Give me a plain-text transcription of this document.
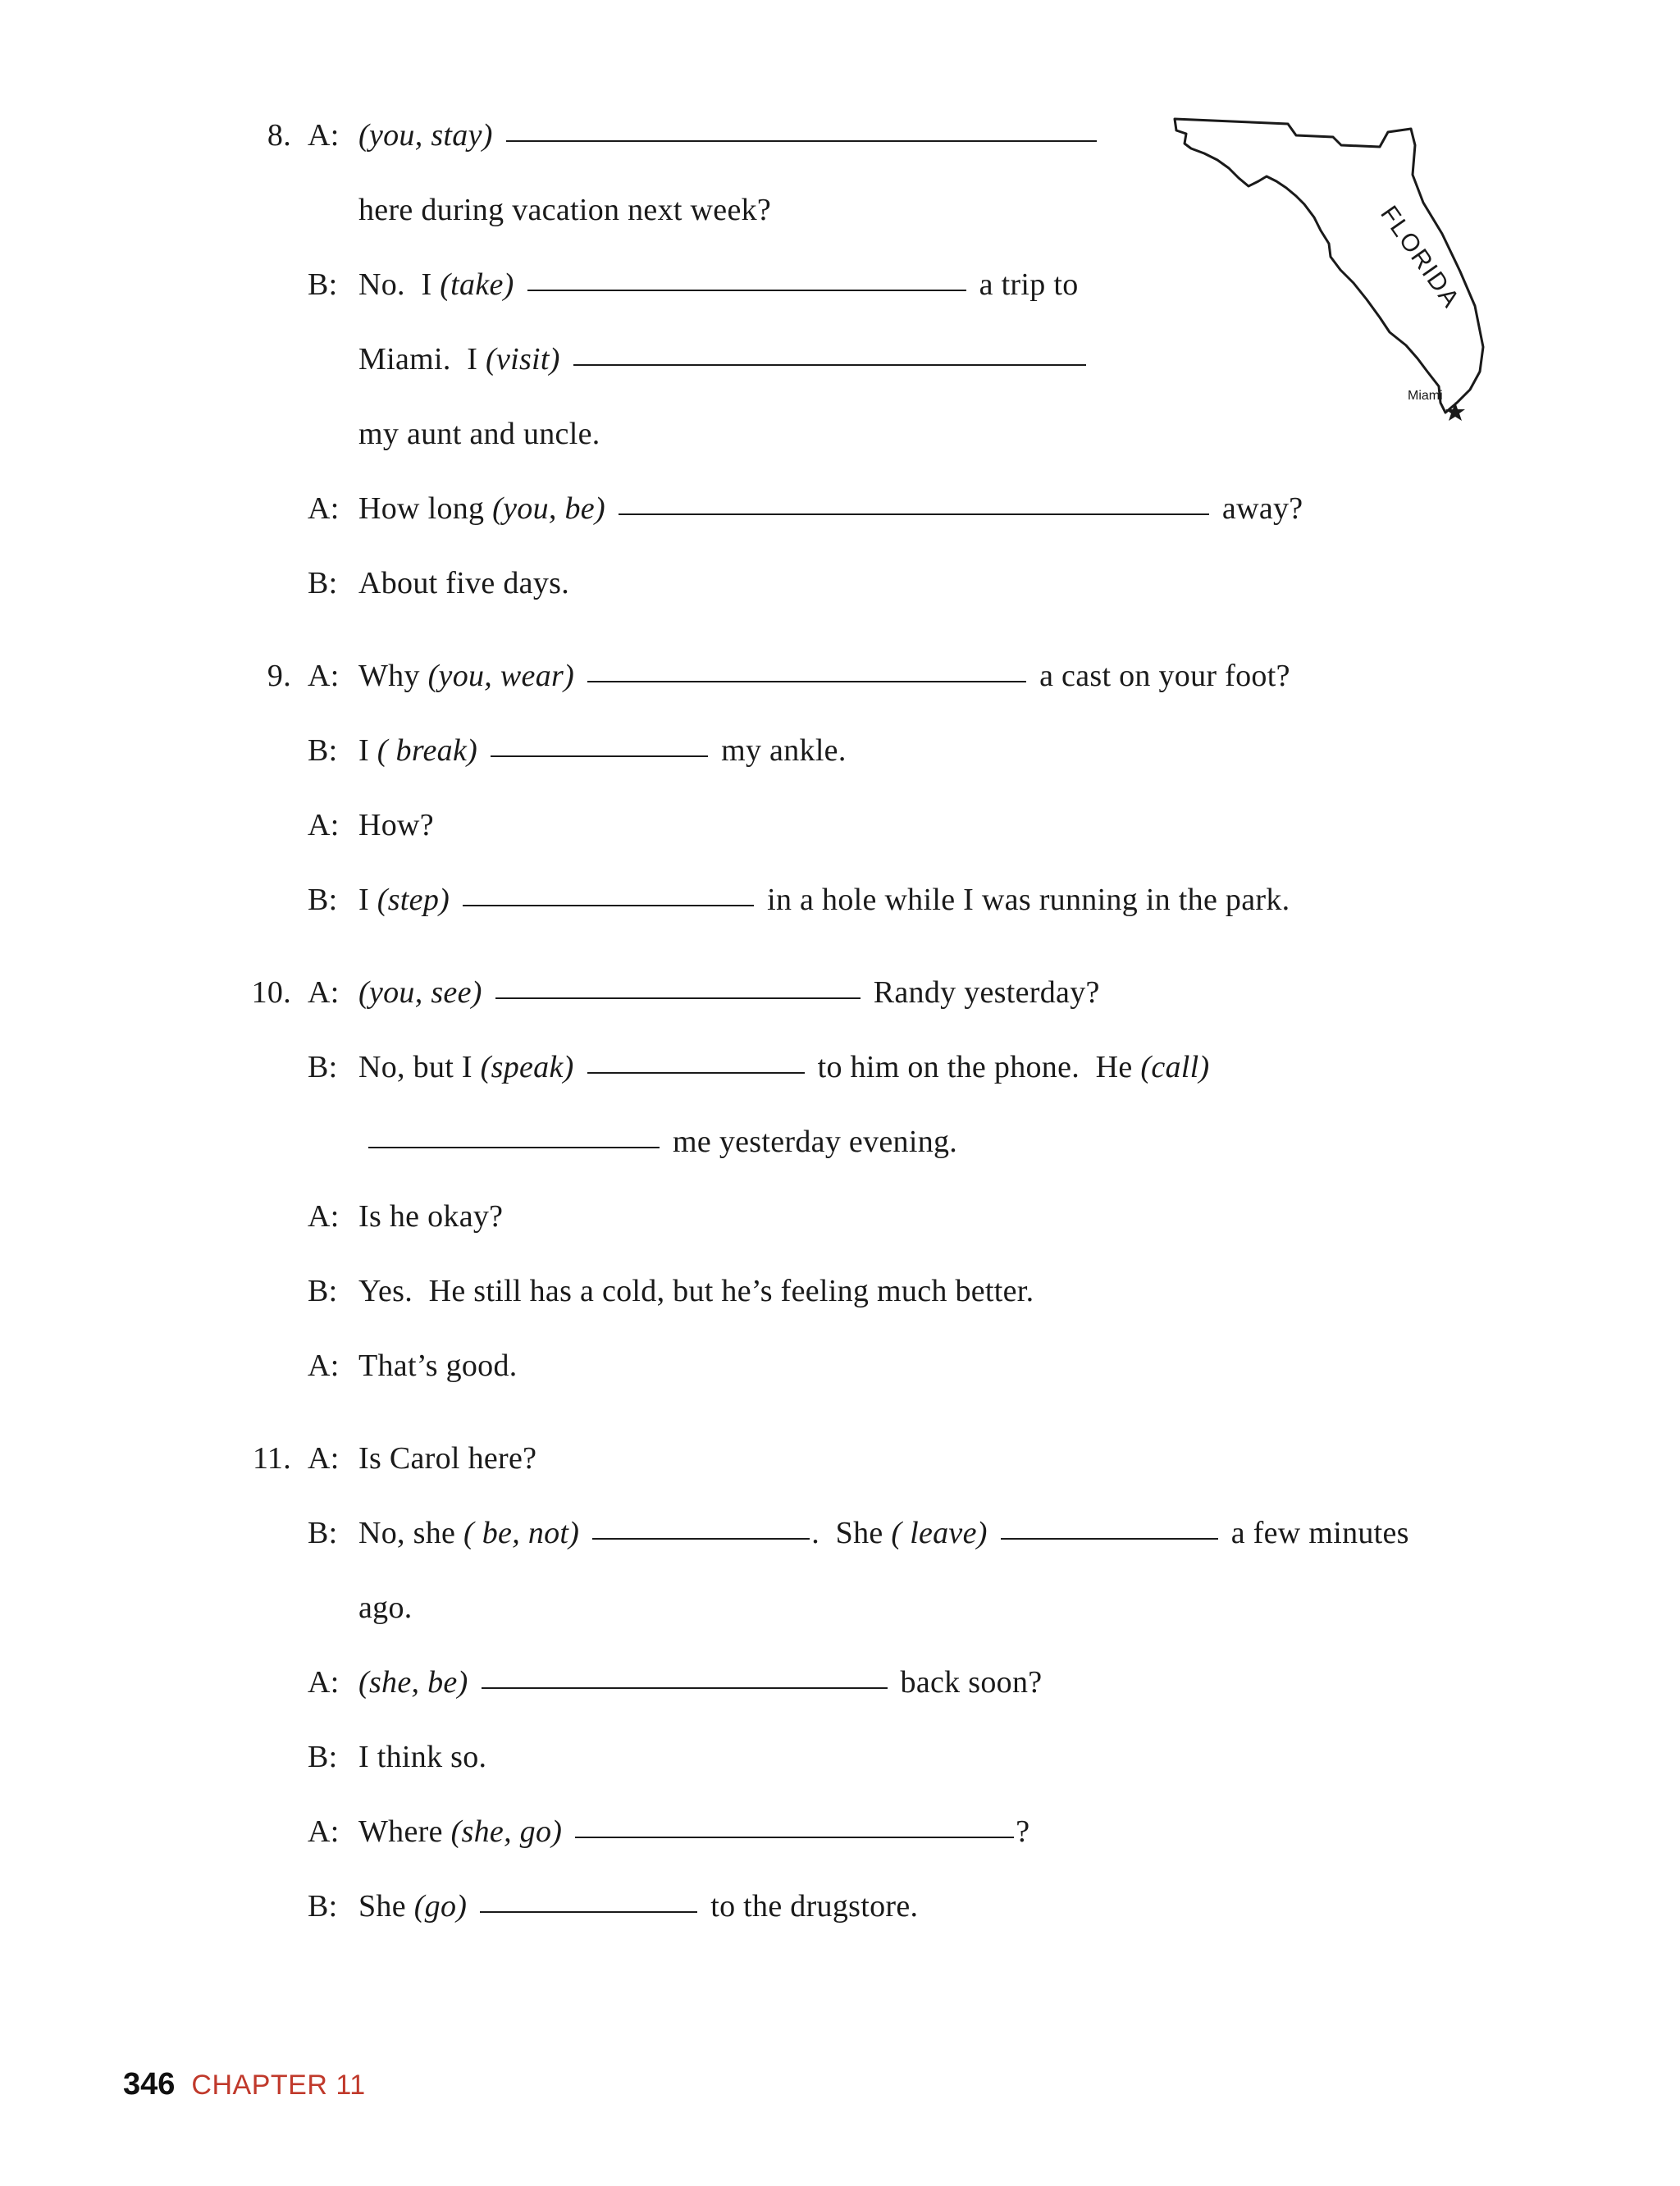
8. A: (you, stay)
here during vacation next week?
B: No.  I (take)	a trip to
Miami.  I (visit)
my aunt and uncle.
A: How long (you, be)	away?
B: About five days.
9. A: Why (you, wear)	a cast on your foot?
B: I ( break)	my ankle.
A: How?
B: I (step)	in a hole while I was running in the park.
10. A: (you, see)	Randy yesterday?
B: No, but I (speak)	to him on the phone.  He (call)
me yesterday evening.
A: Is he okay?
B: Yes.  He still has a cold, but he’s feeling much better.
A: That’s good.
11. A: Is Carol here?
B: No, she ( be, not)	.  She ( leave)	a few minutes
ago.
A: (she, be)	back soon?
B: I think so.
A: Where (she, go)	?
B: She (go)	to the drugstore.
FLORIDA
Miami
346 CHAPTER 11
